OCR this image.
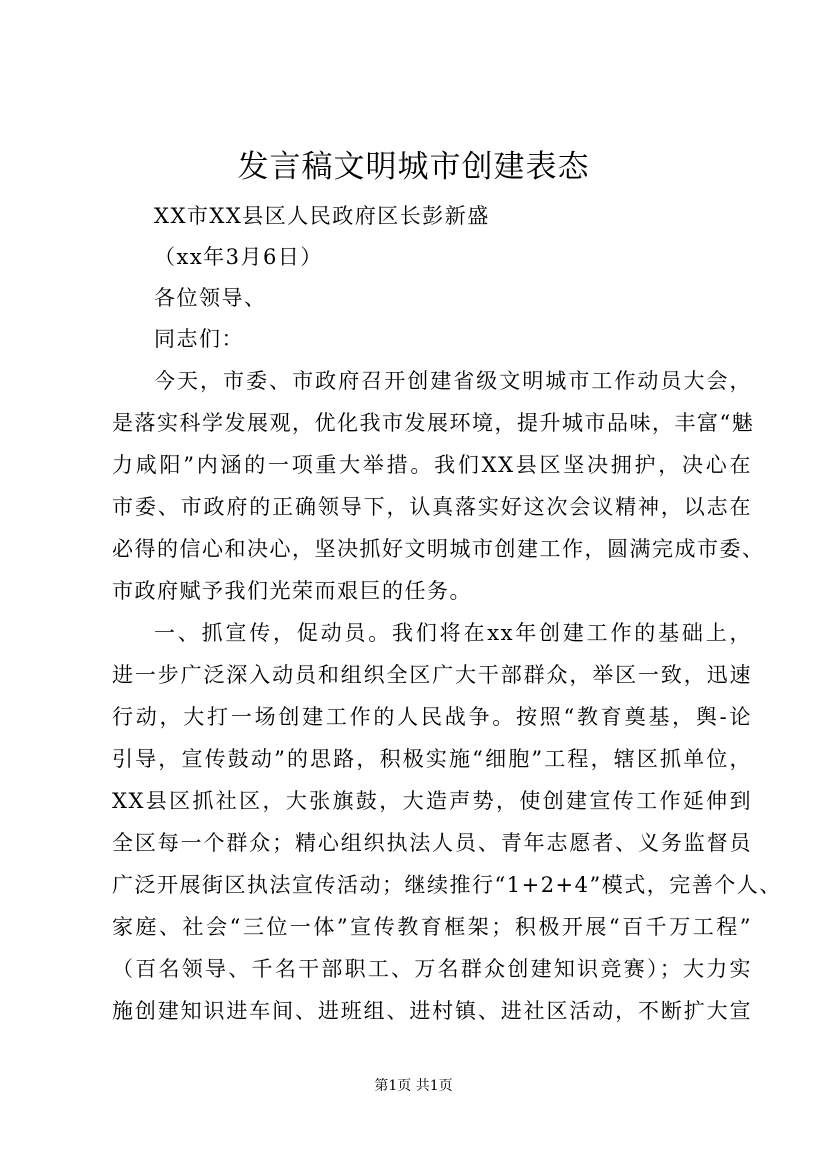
发言稿文明城市创建表态
XX市XX县区人民政府区长彭新盛
（xx年3月6日）
各位领导、
同志们：
今天，市委、市政府召开创建省级文明城市工作动员大会，
是落实科学发展观，优化我市发展环境，提升城市品味，丰富“魅
力咸阳”内涵的一项重大举措。我们XX县区坚决拥护，决心在
市委、市政府的正确领导下，认真落实好这次会议精神，以志在
必得的信心和决心，坚决抓好文明城市创建工作，圆满完成市委、
市政府赋予我们光荣而艰巨的任务。
一、抓宣传，促动员。我们将在xx年创建工作的基础上，
进一步广泛深入动员和组织全区广大干部群众，举区一致，迅速
行动，大打一场创建工作的人民战争。按照“教育奠基，舆-论
引导，宣传鼓动”的思路，积极实施“细胞”工程，辖区抓单位，
XX县区抓社区，大张旗鼓，大造声势，使创建宣传工作延伸到
全区每一个群众；精心组织执法人员、青年志愿者、义务监督员
广泛开展街区执法宣传活动；继续推行“1+2+4”模式，完善个人、
家庭、社会“三位一体”宣传教育框架；积极开展“百千万工程”
（百名领导、千名干部职工、万名群众创建知识竞赛）；大力实
施创建知识进车间、进班组、进村镇、进社区活动，不断扩大宣
第1页 共1页
